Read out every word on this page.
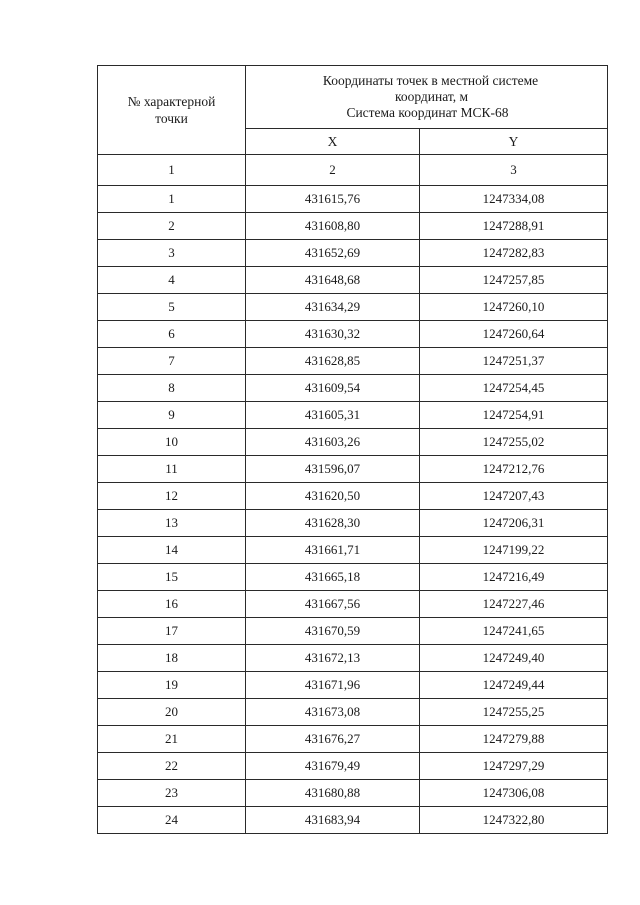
№ характерной
точки	Координаты точек в местной системе
координат, м
Система координат МСК-68	

	X	Y
1	2	3
1	431615,76	1247334,08
2	431608,80	1247288,91
3	431652,69	1247282,83
4	431648,68	1247257,85
5	431634,29	1247260,10
6	431630,32	1247260,64
7	431628,85	1247251,37
8	431609,54	1247254,45
9	431605,31	1247254,91
10	431603,26	1247255,02
11	431596,07	1247212,76
12	431620,50	1247207,43
13	431628,30	1247206,31
14	431661,71	1247199,22
15	431665,18	1247216,49
16	431667,56	1247227,46
17	431670,59	1247241,65
18	431672,13	1247249,40
19	431671,96	1247249,44
20	431673,08	1247255,25
21	431676,27	1247279,88
22	431679,49	1247297,29
23	431680,88	1247306,08
24	431683,94	1247322,80
